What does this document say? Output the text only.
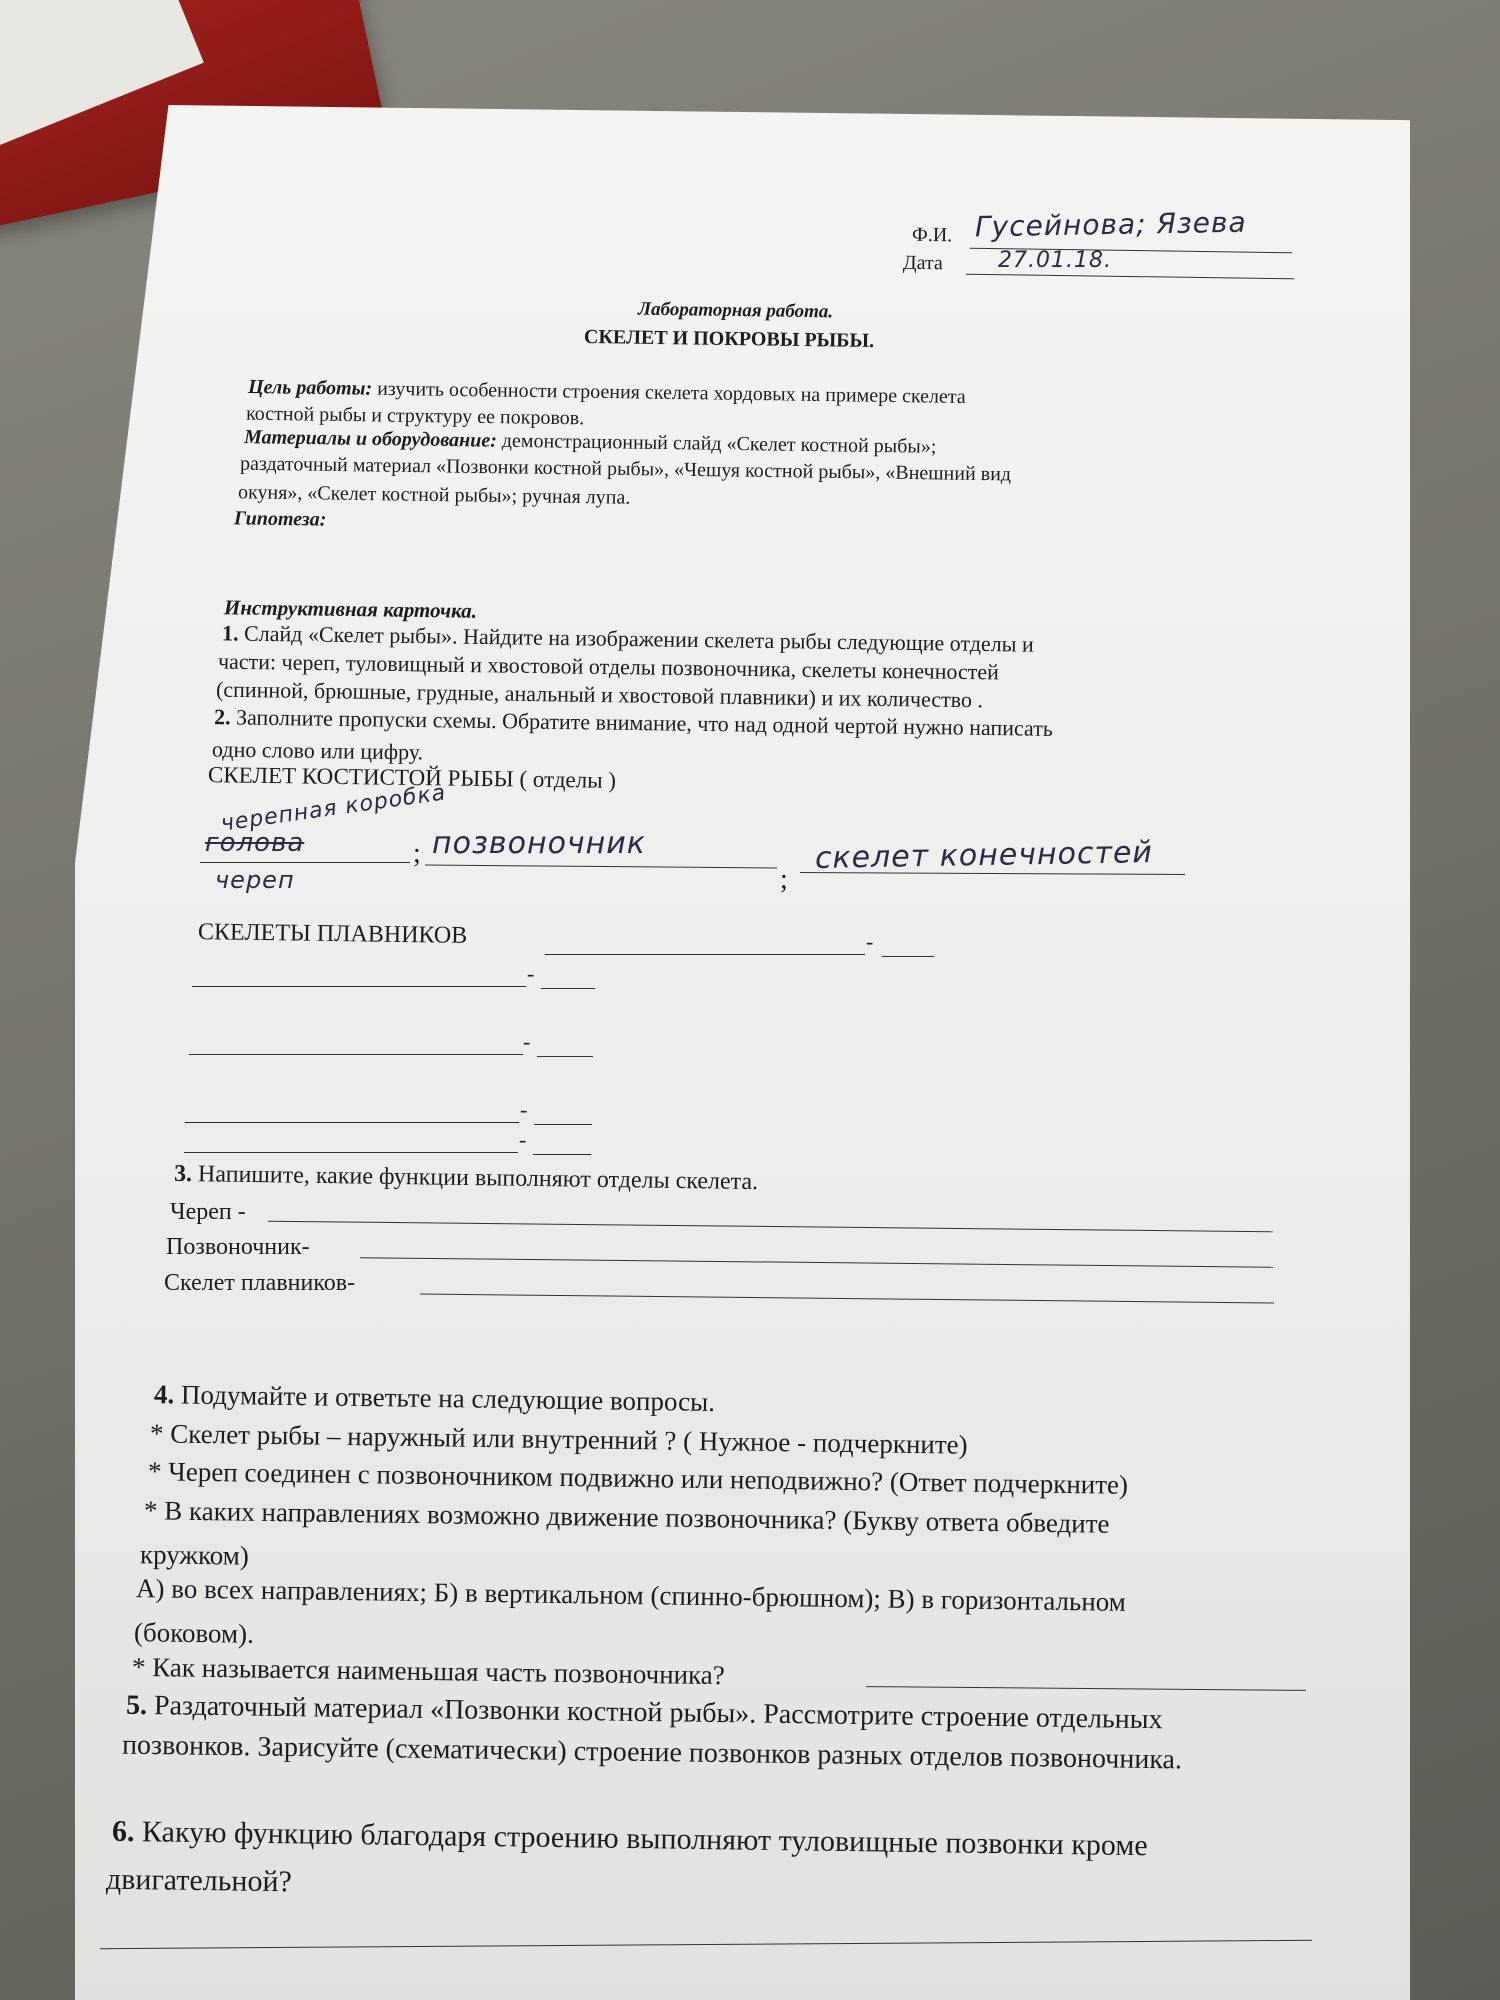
Ф.И. Гусейнова; Язева
Дата 27.01.18.
Лабораторная работа.
СКЕЛЕТ И ПОКРОВЫ РЫБЫ.
Цель работы: изучить особенности строения скелета хордовых на примере скелета
костной рыбы и структуру ее покровов.
Материалы и оборудование: демонстрационный слайд «Скелет костной рыбы»;
раздаточный материал «Позвонки костной рыбы», «Чешуя костной рыбы», «Внешний вид
окуня», «Скелет костной рыбы»; ручная лупа.
Гипотеза:
Инструктивная карточка.
1. Слайд «Скелет рыбы». Найдите на изображении скелета рыбы следующие отделы и
части: череп, туловищный и хвостовой отделы позвоночника, скелеты конечностей
(спинной, брюшные, грудные, анальный и хвостовой плавники) и их количество .
2. Заполните пропуски схемы. Обратите внимание, что над одной чертой нужно написать
одно слово или цифру.
СКЕЛЕТ КОСТИСТОЙ РЫБЫ ( отделы )
черепная коробка
голова
череп
; позвоночник
;
скелет конечностей
СКЕЛЕТЫ ПЛАВНИКОВ	-
-
-
-
-
3. Напишите, какие функции выполняют отделы скелета.
Череп -
Позвоночник-
Скелет плавников-
4. Подумайте и ответьте на следующие вопросы.
* Скелет рыбы – наружный или внутренний ? ( Нужное - подчеркните)
* Череп соединен с позвоночником подвижно или неподвижно? (Ответ подчеркните)
* В каких направлениях возможно движение позвоночника? (Букву ответа обведите
кружком)
А) во всех направлениях; Б) в вертикальном (спинно-брюшном); В) в горизонтальном
(боковом).
* Как называется наименьшая часть позвоночника?
5. Раздаточный материал «Позвонки костной рыбы». Рассмотрите строение отдельных
позвонков. Зарисуйте (схематически) строение позвонков разных отделов позвоночника.
6. Какую функцию благодаря строению выполняют туловищные позвонки кроме
двигательной?
